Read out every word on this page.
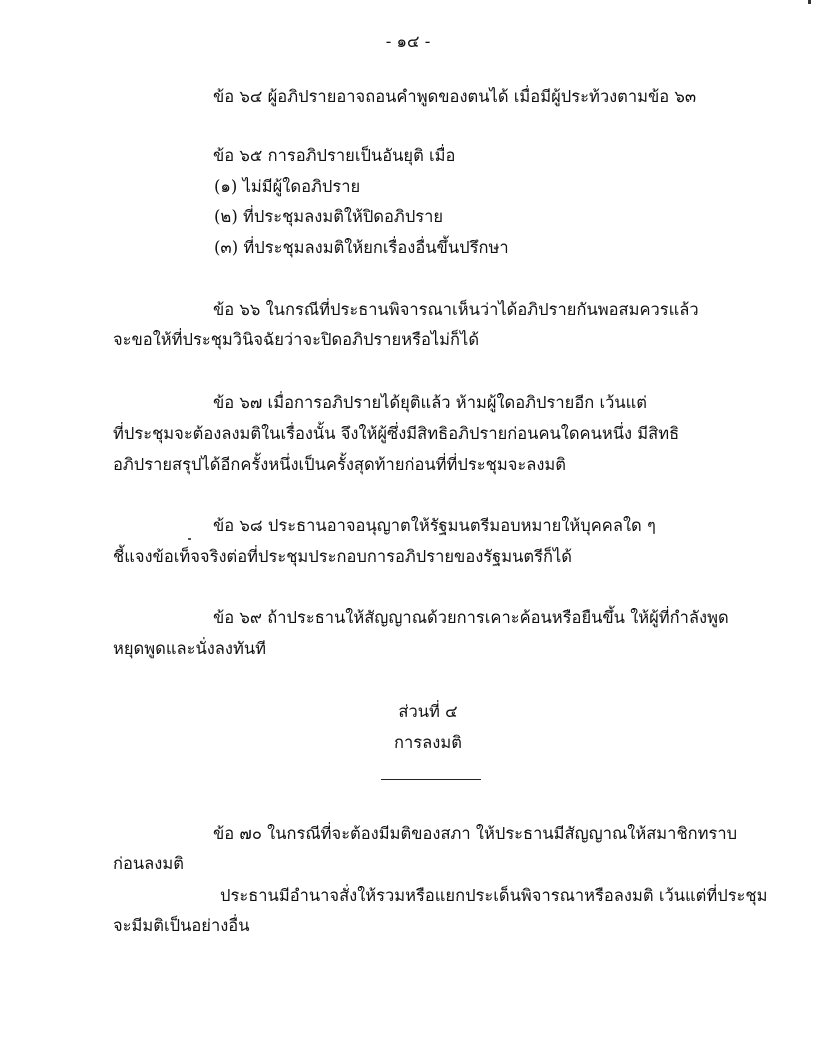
- ๑๔ -
ข้อ ๖๔ ผู้อภิปรายอาจถอนคำพูดของตนได้ เมื่อมีผู้ประท้วงตามข้อ ๖๓
ข้อ ๖๕ การอภิปรายเป็นอันยุติ เมื่อ
(๑) ไม่มีผู้ใดอภิปราย
(๒) ที่ประชุมลงมติให้ปิดอภิปราย
(๓) ที่ประชุมลงมติให้ยกเรื่องอื่นขึ้นปรึกษา
ข้อ ๖๖ ในกรณีที่ประธานพิจารณาเห็นว่าได้อภิปรายกันพอสมควรแล้ว
จะขอให้ที่ประชุมวินิจฉัยว่าจะปิดอภิปรายหรือไม่ก็ได้
ข้อ ๖๗ เมื่อการอภิปรายได้ยุติแล้ว ห้ามผู้ใดอภิปรายอีก เว้นแต่
ที่ประชุมจะต้องลงมติในเรื่องนั้น จึงให้ผู้ซึ่งมีสิทธิอภิปรายก่อนคนใดคนหนึ่ง มีสิทธิ
อภิปรายสรุปได้อีกครั้งหนึ่งเป็นครั้งสุดท้ายก่อนที่ที่ประชุมจะลงมติ
ข้อ ๖๘ ประธานอาจอนุญาตให้รัฐมนตรีมอบหมายให้บุคคลใด ๆ
ชี้แจงข้อเท็จจริงต่อที่ประชุมประกอบการอภิปรายของรัฐมนตรีก็ได้
ข้อ ๖๙ ถ้าประธานให้สัญญาณด้วยการเคาะค้อนหรือยืนขึ้น ให้ผู้ที่กำลังพูด
หยุดพูดและนั่งลงทันที
ส่วนที่ ๔
การลงมติ
ข้อ ๗๐ ในกรณีที่จะต้องมีมติของสภา ให้ประธานมีสัญญาณให้สมาชิกทราบ
ก่อนลงมติ
ประธานมีอำนาจสั่งให้รวมหรือแยกประเด็นพิจารณาหรือลงมติ เว้นแต่ที่ประชุม
จะมีมติเป็นอย่างอื่น
